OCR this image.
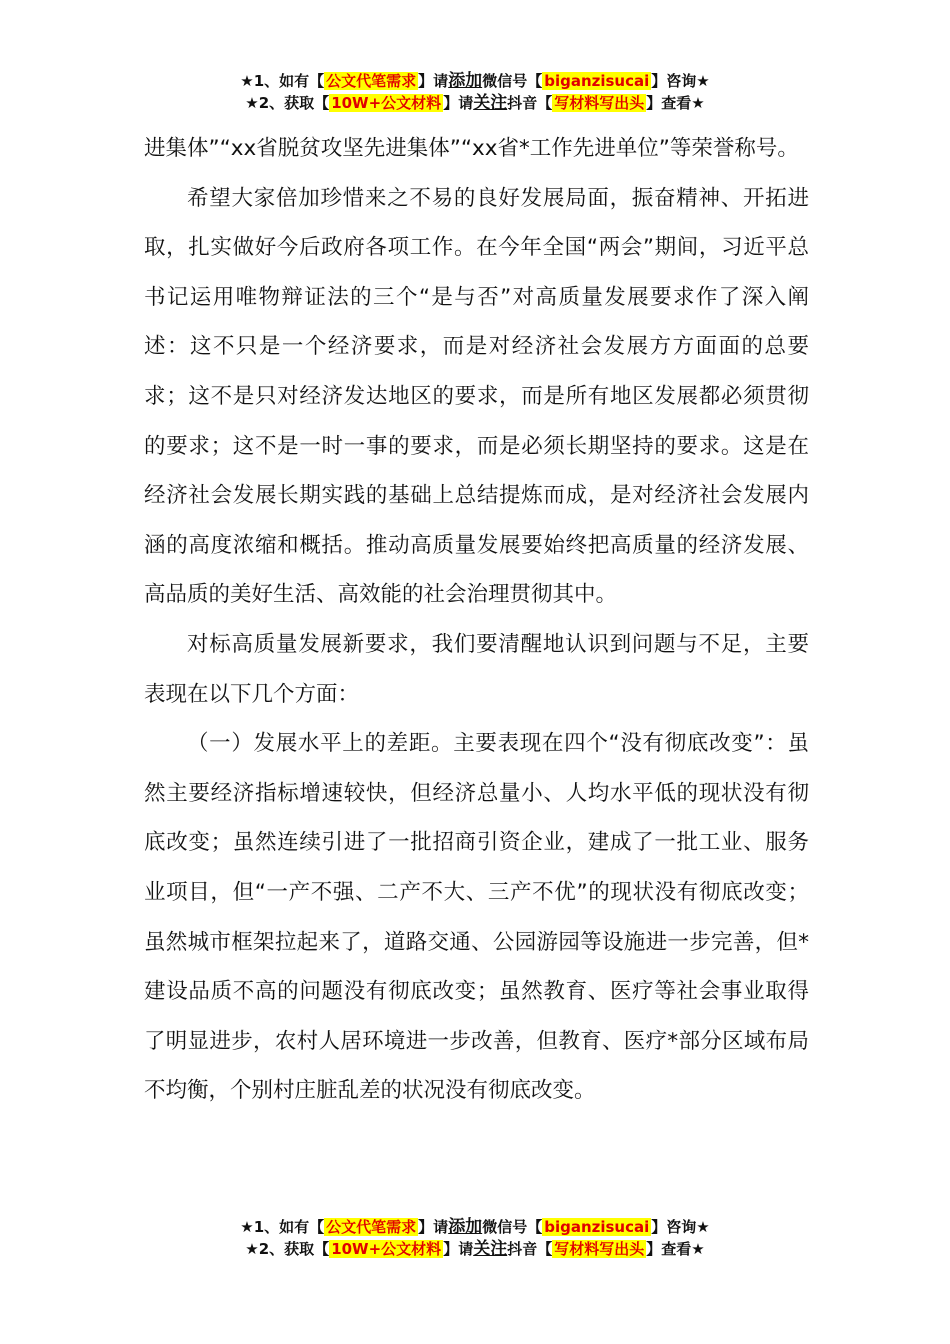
★1、如有【 公文代笔需求 】请添加微信号【 biganzisucai 】咨询★
★2、获取【 10W+公文材料 】请关注抖音【 写材料写出头 】查看★

进集体”“xx省脱贫攻坚先进集体”“xx省*工作先进单位”等荣誉称号。

希望大家倍加珍惜来之不易的良好发展局面，振奋精神、开拓进取，扎实做好今后政府各项工作。在今年全国“两会”期间，习近平总书记运用唯物辩证法的三个“是与否”对高质量发展要求作了深入阐述：这不只是一个经济要求，而是对经济社会发展方方面面的总要求；这不是只对经济发达地区的要求，而是所有地区发展都必须贯彻的要求；这不是一时一事的要求，而是必须长期坚持的要求。这是在经济社会发展长期实践的基础上总结提炼而成，是对经济社会发展内涵的高度浓缩和概括。推动高质量发展要始终把高质量的经济发展、高品质的美好生活、高效能的社会治理贯彻其中。

对标高质量发展新要求，我们要清醒地认识到问题与不足，主要表现在以下几个方面：

（一）发展水平上的差距。主要表现在四个“没有彻底改变”：虽然主要经济指标增速较快，但经济总量小、人均水平低的现状没有彻底改变；虽然连续引进了一批招商引资企业，建成了一批工业、服务业项目，但“一产不强、二产不大、三产不优”的现状没有彻底改变；虽然城市框架拉起来了，道路交通、公园游园等设施进一步完善，但*建设品质不高的问题没有彻底改变；虽然教育、医疗等社会事业取得了明显进步，农村人居环境进一步改善，但教育、医疗*部分区域布局不均衡，个别村庄脏乱差的状况没有彻底改变。

★1、如有【 公文代笔需求 】请添加微信号【 biganzisucai 】咨询★
★2、获取【 10W+公文材料 】请关注抖音【 写材料写出头 】查看★
